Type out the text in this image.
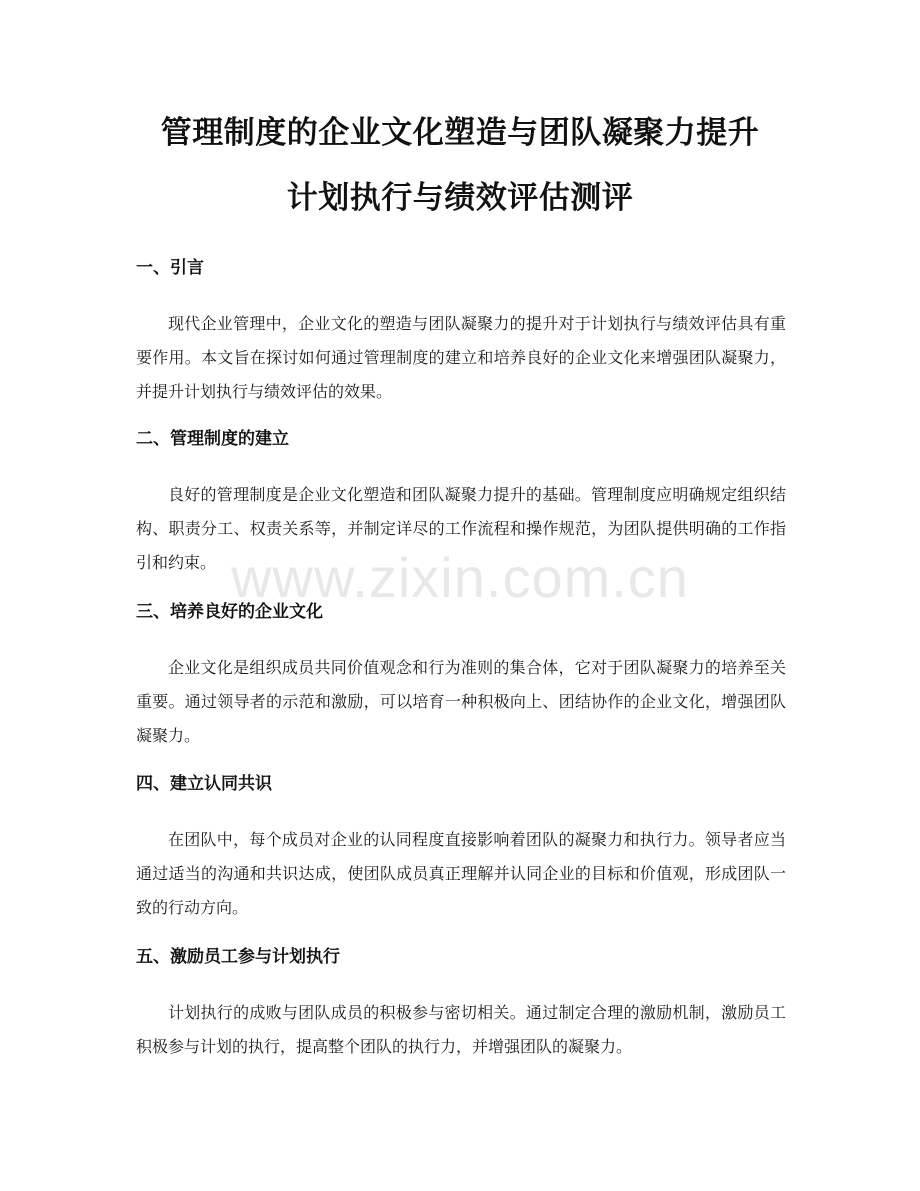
管理制度的企业文化塑造与团队凝聚力提升
计划执行与绩效评估测评

一、引言

现代企业管理中，企业文化的塑造与团队凝聚力的提升对于计划执行与绩效评估具有重要作用。本文旨在探讨如何通过管理制度的建立和培养良好的企业文化来增强团队凝聚力，并提升计划执行与绩效评估的效果。

二、管理制度的建立

良好的管理制度是企业文化塑造和团队凝聚力提升的基础。管理制度应明确规定组织结构、职责分工、权责关系等，并制定详尽的工作流程和操作规范，为团队提供明确的工作指引和约束。

三、培养良好的企业文化

企业文化是组织成员共同价值观念和行为准则的集合体，它对于团队凝聚力的培养至关重要。通过领导者的示范和激励，可以培育一种积极向上、团结协作的企业文化，增强团队凝聚力。

四、建立认同共识

在团队中，每个成员对企业的认同程度直接影响着团队的凝聚力和执行力。领导者应当通过适当的沟通和共识达成，使团队成员真正理解并认同企业的目标和价值观，形成团队一致的行动方向。

五、激励员工参与计划执行

计划执行的成败与团队成员的积极参与密切相关。通过制定合理的激励机制，激励员工积极参与计划的执行，提高整个团队的执行力，并增强团队的凝聚力。

www.zixin.com.cn
